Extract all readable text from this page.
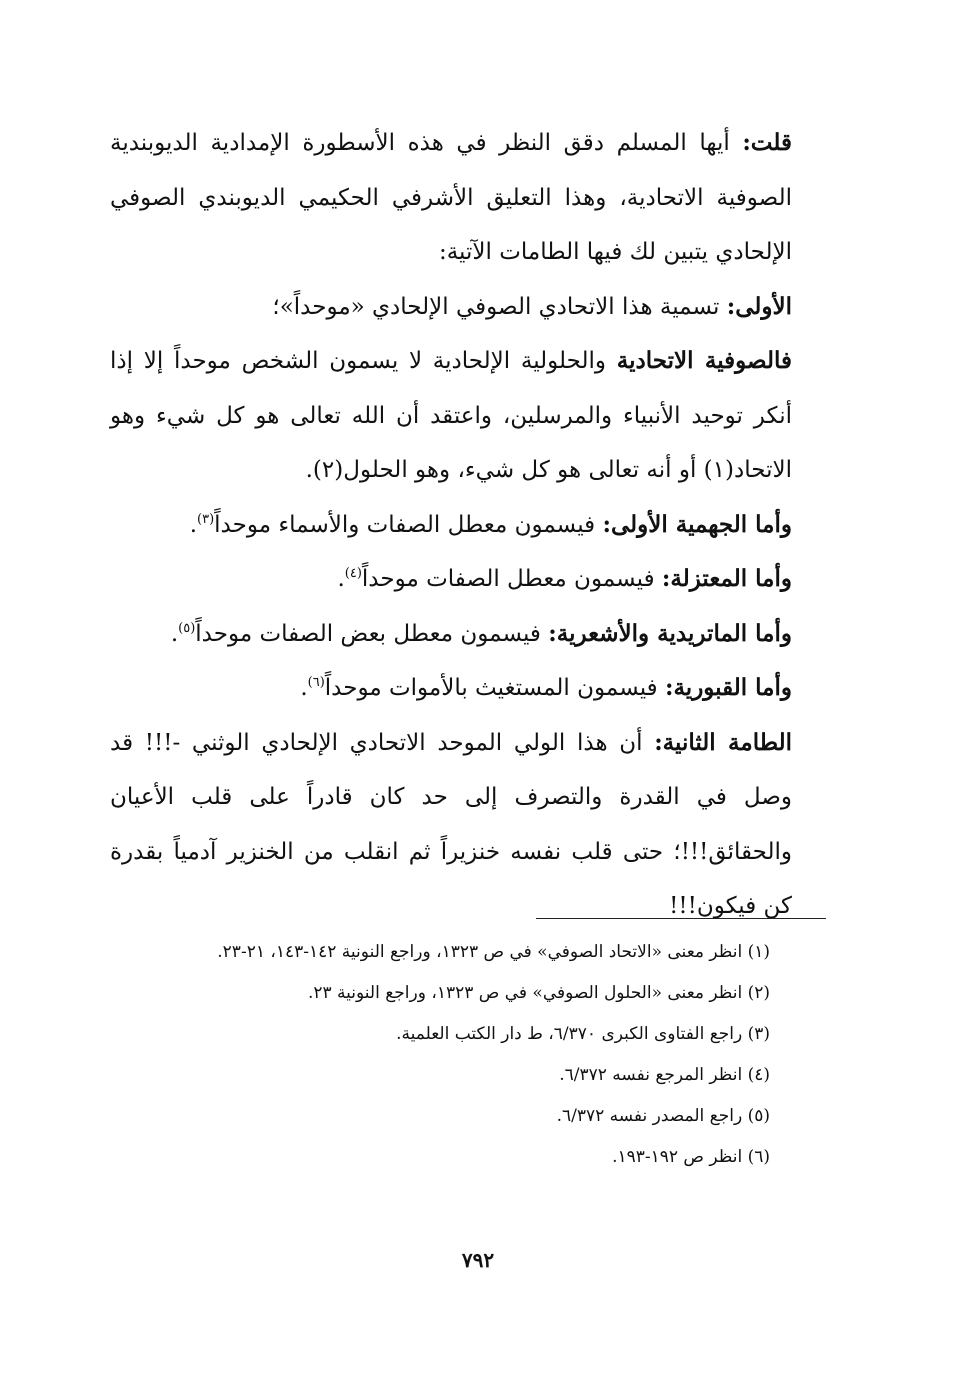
قلت: أيها المسلم دقق النظر في هذه الأسطورة الإمدادية الديوبندية الصوفية الاتحادية، وهذا التعليق الأشرفي الحكيمي الديوبندي الصوفي الإلحادي يتبين لك فيها الطامات الآتية:

الأولى: تسمية هذا الاتحادي الصوفي الإلحادي «موحداً»؛

فالصوفية الاتحادية والحلولية الإلحادية لا يسمون الشخص موحداً إلا إذا أنكر توحيد الأنبياء والمرسلين، واعتقد أن الله تعالى هو كل شيء وهو الاتحاد(١) أو أنه تعالى هو كل شيء، وهو الحلول(٢).

وأما الجهمية الأولى: فيسمون معطل الصفات والأسماء موحداً$^{(٣)}$.

وأما المعتزلة: فيسمون معطل الصفات موحداً$^{(٤)}$.

وأما الماتريدية والأشعرية: فيسمون معطل بعض الصفات موحداً$^{(٥)}$.

وأما القبورية: فيسمون المستغيث بالأموات موحداً$^{(٦)}$.

الطامة الثانية: أن هذا الولي الموحد الاتحادي الإلحادي الوثني -!!! قد وصل في القدرة والتصرف إلى حد كان قادراً على قلب الأعيان والحقائق!!!؛ حتى قلب نفسه خنزيراً ثم انقلب من الخنزير آدمياً بقدرة كن فيكون!!!

(١) انظر معنى «الاتحاد الصوفي» في ص ١٣٢٣، وراجع النونية ١٤٢-١٤٣، ٢١-٢٣.

(٢) انظر معنى «الحلول الصوفي» في ص ١٣٢٣، وراجع النونية ٢٣.

(٣) راجع الفتاوى الكبرى ٦/٣٧٠، ط دار الكتب العلمية.

(٤) انظر المرجع نفسه ٦/٣٧٢.

(٥) راجع المصدر نفسه ٦/٣٧٢.

(٦) انظر ص ١٩٢-١٩٣.

٧٩٢
